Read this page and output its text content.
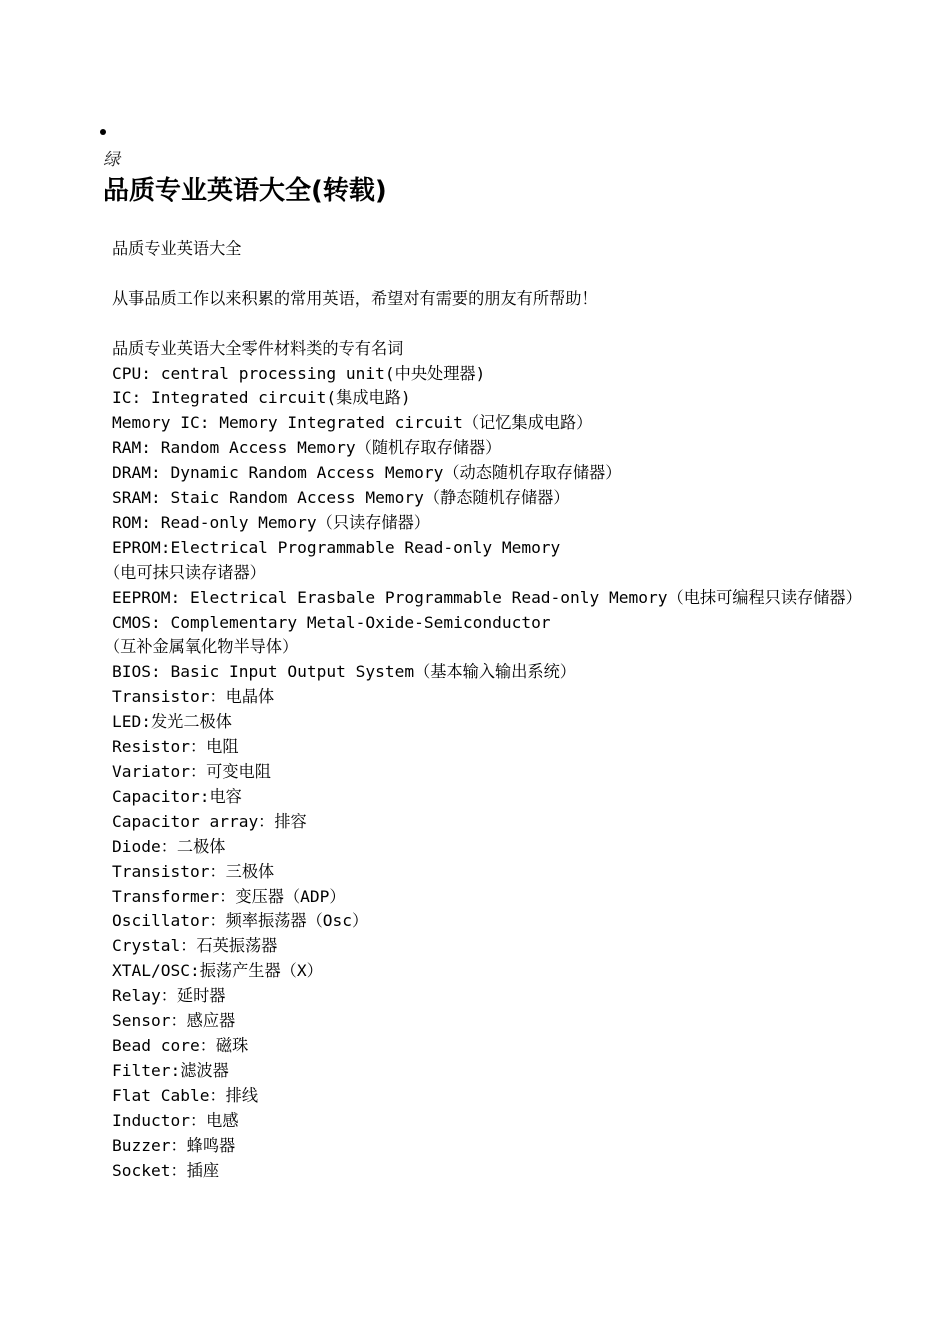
绿
品质专业英语大全(转载)

品质专业英语大全

从事品质工作以来积累的常用英语，希望对有需要的朋友有所帮助！

品质专业英语大全零件材料类的专有名词

CPU: central processing unit(中央处理器)

IC: Integrated circuit(集成电路)

Memory IC: Memory Integrated circuit（记忆集成电路）

RAM: Random Access Memory（随机存取存储器）

DRAM: Dynamic Random Access Memory（动态随机存取存储器）

SRAM: Staic Random Access Memory（静态随机存储器）

ROM: Read-only Memory（只读存储器）

EPROM:Electrical Programmable Read-only Memory

（电可抹只读存诸器）

EEPROM: Electrical Erasbale Programmable Read-only Memory（电抹可编程只读存储器）

CMOS: Complementary Metal-Oxide-Semiconductor

（互补金属氧化物半导体）

BIOS: Basic Input Output System（基本输入输出系统）

Transistor：电晶体

LED:发光二极体

Resistor：电阻

Variator：可变电阻

Capacitor:电容

Capacitor array：排容

Diode：二极体

Transistor：三极体

Transformer：变压器（ADP）

Oscillator：频率振荡器（Osc）

Crystal：石英振荡器

XTAL/OSC:振荡产生器（X）

Relay：延时器

Sensor：感应器

Bead core：磁珠

Filter:滤波器

Flat Cable：排线

Inductor：电感

Buzzer：蜂鸣器

Socket：插座
